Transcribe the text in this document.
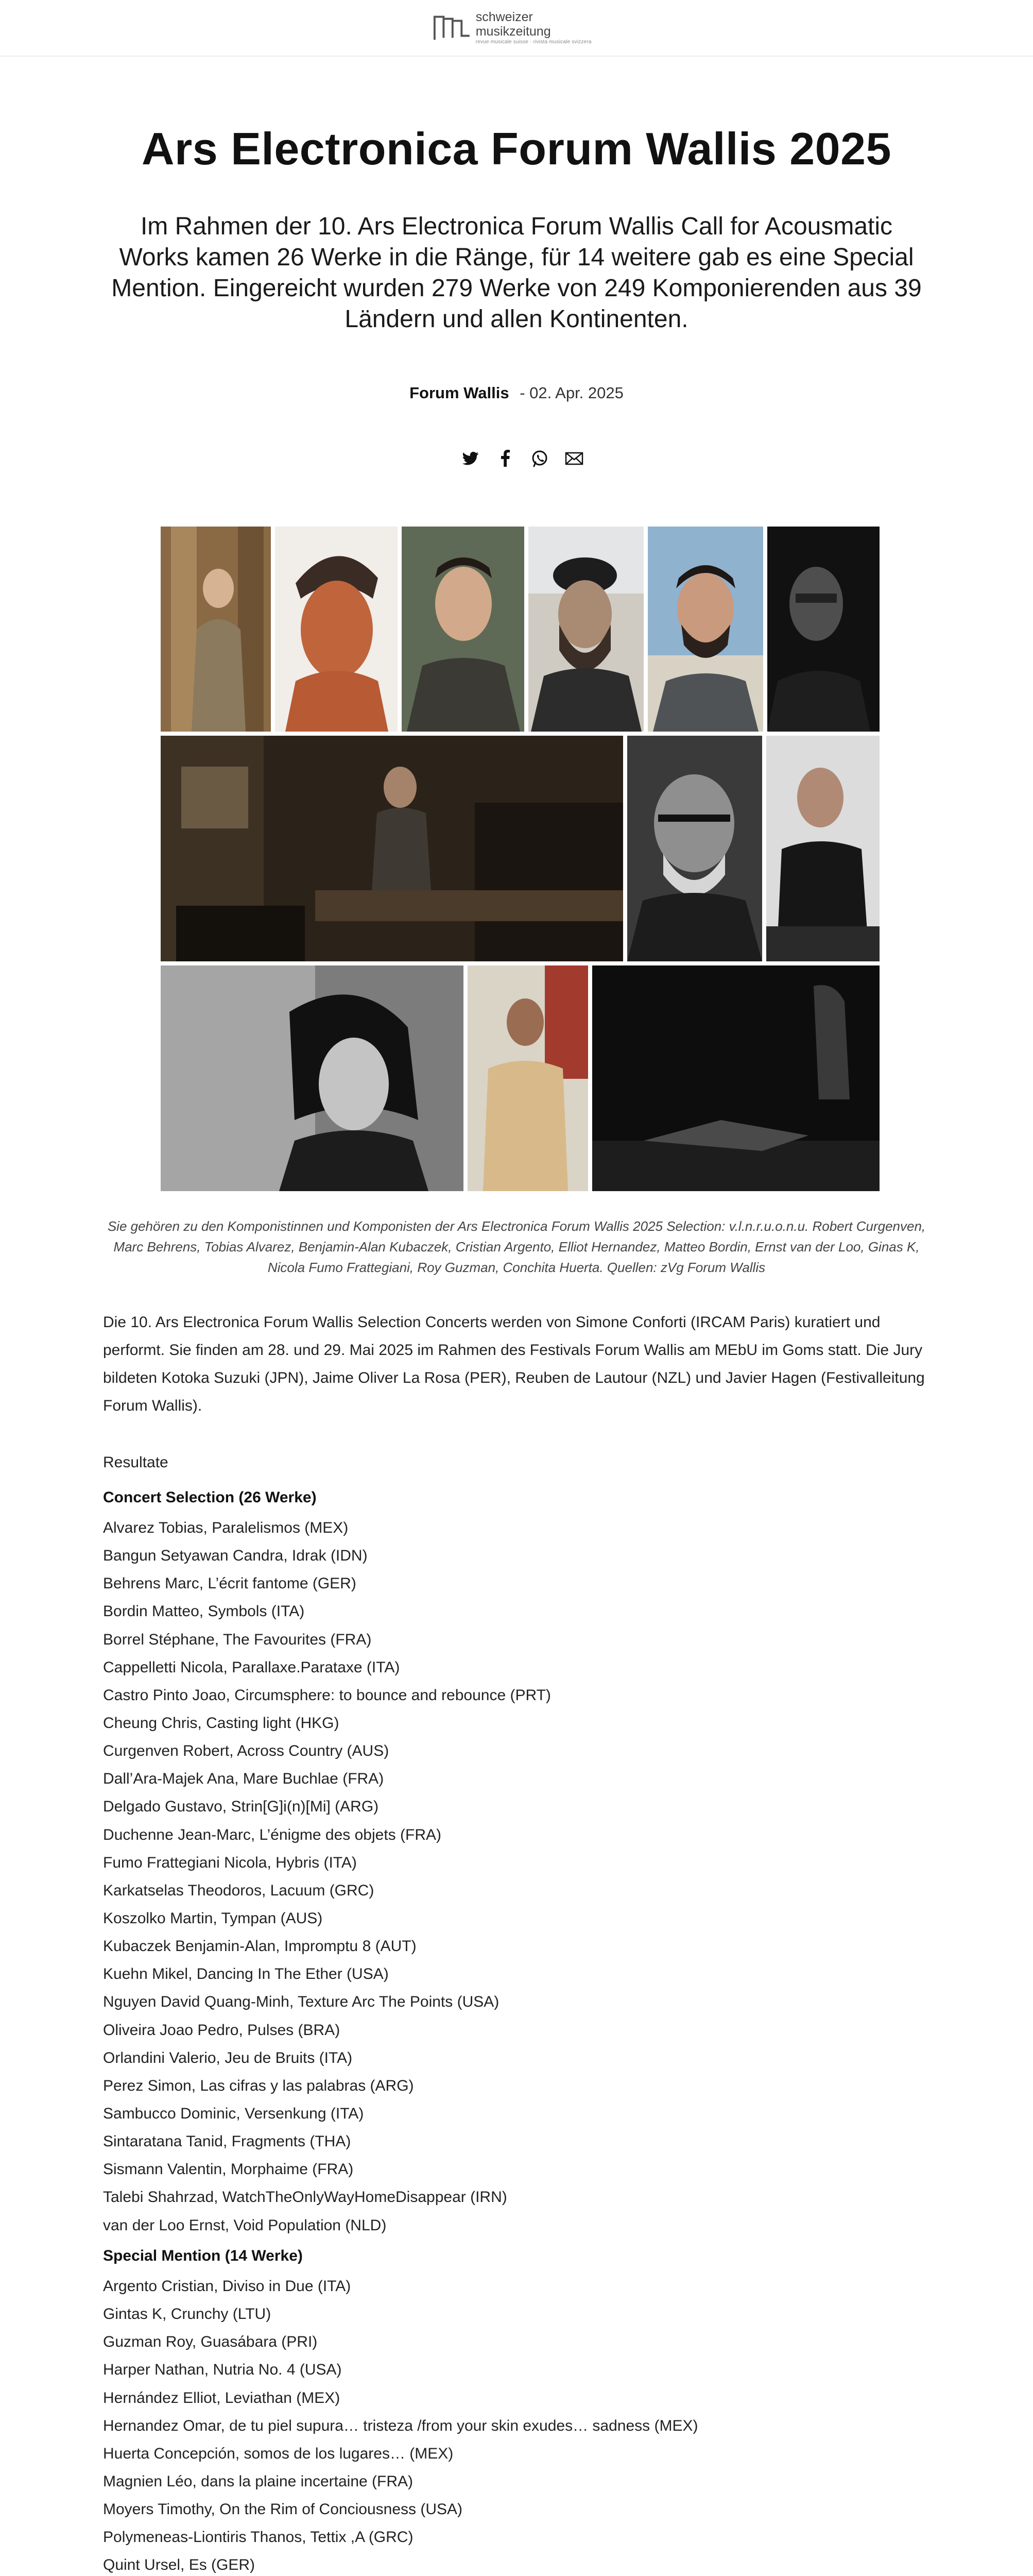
schweizer musikzeitung
revue musicale suisse · rivista musicale svizzera
Ars Electronica Forum Wallis 2025

Im Rahmen der 10. Ars Electronica Forum Wallis Call for Acousmatic Works kamen 26 Werke in die Ränge, für 14 weitere gab es eine Special Mention. Eingereicht wurden 279 Werke von 249 Komponierenden aus 39 Ländern und allen Kontinenten.

Forum Wallis - 02. Apr. 2025

Sie gehören zu den Komponistinnen und Komponisten der Ars Electronica Forum Wallis 2025 Selection: v.l.n.r.u.o.n.u. Robert Curgenven, Marc Behrens, Tobias Alvarez, Benjamin-Alan Kubaczek, Cristian Argento, Elliot Hernandez, Matteo Bordin, Ernst van der Loo, Ginas K, Nicola Fumo Frattegiani, Roy Guzman, Conchita Huerta. Quellen: zVg Forum Wallis

Die 10. Ars Electronica Forum Wallis Selection Concerts werden von Simone Conforti (IRCAM Paris) kuratiert und performt. Sie finden am 28. und 29. Mai 2025 im Rahmen des Festivals Forum Wallis am MEbU im Goms statt. Die Jury bildeten Kotoka Suzuki (JPN), Jaime Oliver La Rosa (PER), Reuben de Lautour (NZL) und Javier Hagen (Festivalleitung Forum Wallis).

Resultate
Concert Selection (26 Werke)
Alvarez Tobias, Paralelismos (MEX)
Bangun Setyawan Candra, Idrak (IDN)
Behrens Marc, L’écrit fantome (GER)
Bordin Matteo, Symbols (ITA)
Borrel Stéphane, The Favourites (FRA)
Cappelletti Nicola, Parallaxe.Parataxe (ITA)
Castro Pinto Joao, Circumsphere: to bounce and rebounce (PRT)
Cheung Chris, Casting light (HKG)
Curgenven Robert, Across Country (AUS)
Dall’Ara-Majek Ana, Mare Buchlae (FRA)
Delgado Gustavo, Strin[G]i(n)[Mi] (ARG)
Duchenne Jean-Marc, L’énigme des objets (FRA)
Fumo Frattegiani Nicola, Hybris (ITA)
Karkatselas Theodoros, Lacuum (GRC)
Koszolko Martin, Tympan (AUS)
Kubaczek Benjamin-Alan, Impromptu 8 (AUT)
Kuehn Mikel, Dancing In The Ether (USA)
Nguyen David Quang-Minh, Texture Arc The Points (USA)
Oliveira Joao Pedro, Pulses (BRA)
Orlandini Valerio, Jeu de Bruits (ITA)
Perez Simon, Las cifras y las palabras (ARG)
Sambucco Dominic, Versenkung (ITA)
Sintaratana Tanid, Fragments (THA)
Sismann Valentin, Morphaime (FRA)
Talebi Shahrzad, WatchTheOnlyWayHomeDisappear (IRN)
van der Loo Ernst, Void Population (NLD)
Special Mention (14 Werke)
Argento Cristian, Diviso in Due (ITA)
Gintas K, Crunchy (LTU)
Guzman Roy, Guasábara (PRI)
Harper Nathan, Nutria No. 4 (USA)
Hernández Elliot, Leviathan (MEX)
Hernandez Omar, de tu piel supura… tristeza /from your skin exudes… sadness (MEX)
Huerta Concepción, somos de los lugares… (MEX)
Magnien Léo, dans la plaine incertaine (FRA)
Moyers Timothy, On the Rim of Conciousness (USA)
Polymeneas-Liontiris Thanos, Tettix ,A (GRC)
Quint Ursel, Es (GER)
